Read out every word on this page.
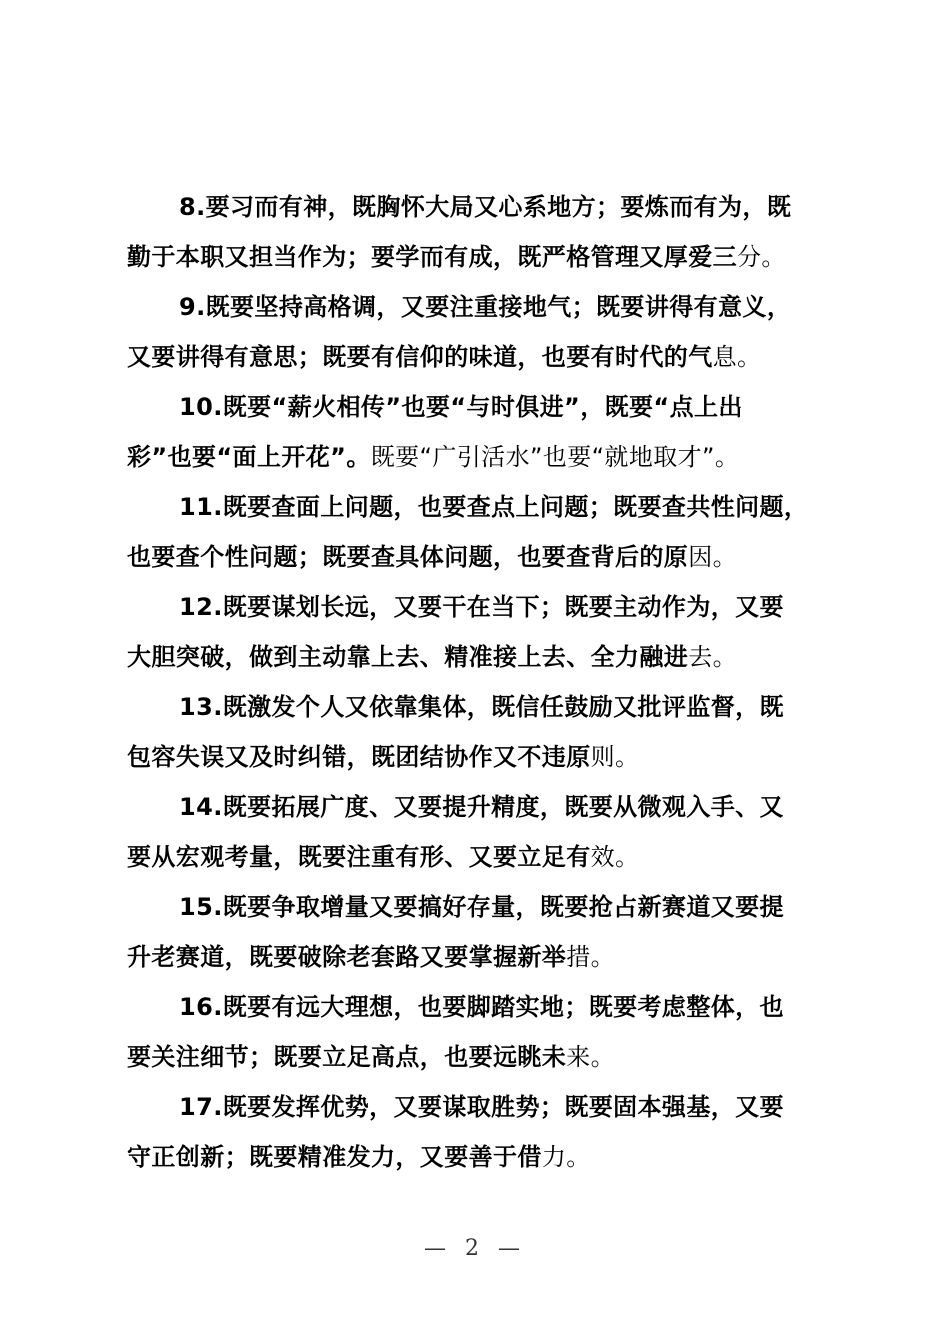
8.要习而有神，既胸怀大局又心系地方；要炼而有为，既
勤于本职又担当作为；要学而有成，既严格管理又厚爱三分。

9.既要坚持高格调，又要注重接地气；既要讲得有意义，
又要讲得有意思；既要有信仰的味道，也要有时代的气息。

10.既要“薪火相传”也要“与时俱进”，既要“点上出
彩”也要“面上开花”。既要“广引活水”也要“就地取才”。

11.既要查面上问题，也要查点上问题；既要查共性问题，
也要查个性问题；既要查具体问题，也要查背后的原因。

12.既要谋划长远，又要干在当下；既要主动作为，又要
大胆突破，做到主动靠上去、精准接上去、全力融进去。

13.既激发个人又依靠集体，既信任鼓励又批评监督，既
包容失误又及时纠错，既团结协作又不违原则。

14.既要拓展广度、又要提升精度，既要从微观入手、又
要从宏观考量，既要注重有形、又要立足有效。

15.既要争取增量又要搞好存量，既要抢占新赛道又要提
升老赛道，既要破除老套路又要掌握新举措。

16.既要有远大理想，也要脚踏实地；既要考虑整体，也
要关注细节；既要立足高点，也要远眺未来。

17.既要发挥优势，又要谋取胜势；既要固本强基，又要
守正创新；既要精准发力，又要善于借力。

— 2 —
